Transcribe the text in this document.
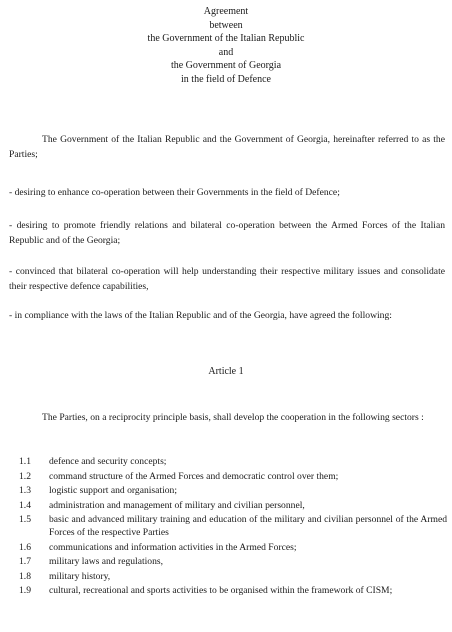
Agreement
between
the Government of the Italian Republic
and
the Government of Georgia
in the field of Defence

The Government of the Italian Republic and the Government of Georgia, hereinafter referred to as the Parties;

- desiring to enhance co-operation between their Governments in the field of Defence;

- desiring to promote friendly relations and bilateral co-operation between the Armed Forces of the Italian Republic and of the Georgia;

- convinced that bilateral co-operation will help understanding their respective military issues and consolidate their respective defence capabilities,

- in compliance with the laws of the Italian Republic and of the Georgia, have agreed the following:

Article 1

The Parties, on a reciprocity principle basis, shall develop the cooperation in the following sectors :

1.1	defence and security concepts;
1.2	command structure of the Armed Forces and democratic control over them;
1.3	logistic support and organisation;
1.4	administration and management of military and civilian personnel,
1.5	basic and advanced military training and education of the military and civilian personnel of the Armed Forces of the respective Parties
1.6	communications and information activities in the Armed Forces;
1.7	military laws and regulations,
1.8	military history,
1.9	cultural, recreational and sports activities to be organised within the framework of CISM;
